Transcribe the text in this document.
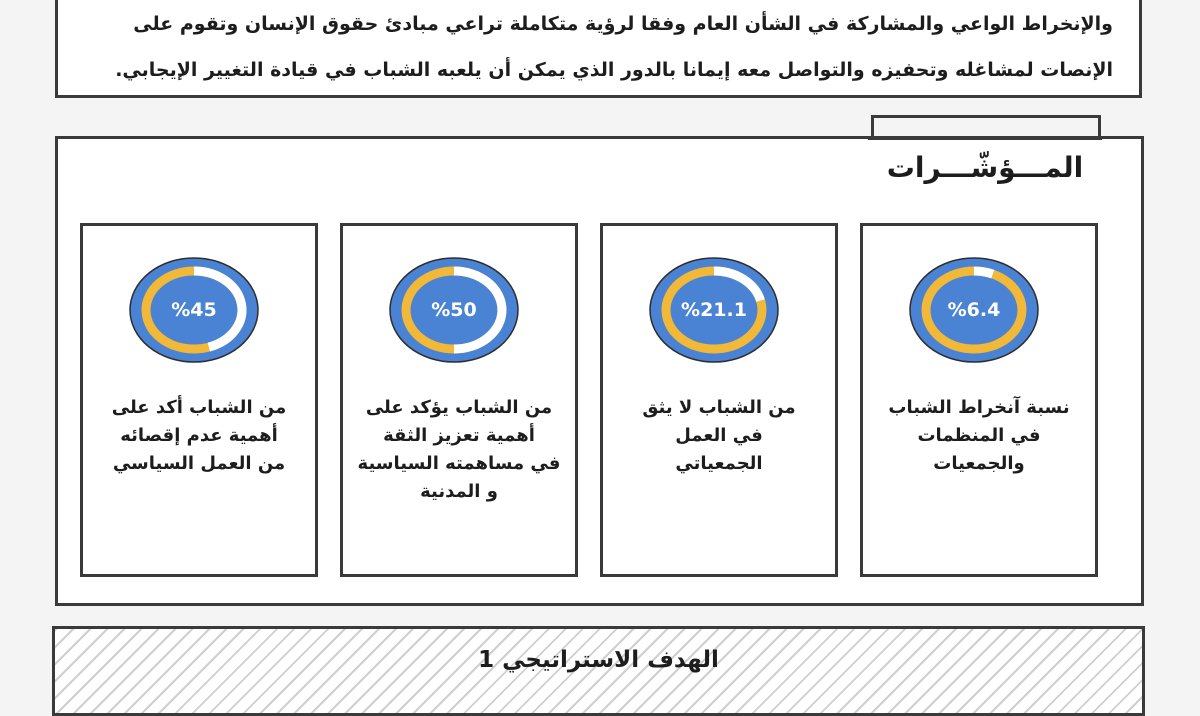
والإنخراط الواعي والمشاركة في الشأن العام وفقا لرؤية متكاملة تراعي مبادئ حقوق الإنسان وتقوم على
الإنصات لمشاغله وتحفيزه والتواصل معه إيمانا بالدور الذي يمكن أن يلعبه الشباب في قيادة التغيير الإيجابي.

المـــؤشّـــرات
%6.4

نسبة آنخراط الشباب
في المنظمات والجمعيات

%21.1

من الشباب لا يثق
في العمل
الجمعياتي

%50

من الشباب يؤكد على
أهمية تعزيز الثقة
في مساهمته السياسية
و المدنية

%45

من الشباب أكد على
أهمية عدم إقصائه
من العمل السياسي

الهدف الاستراتيجي 1
